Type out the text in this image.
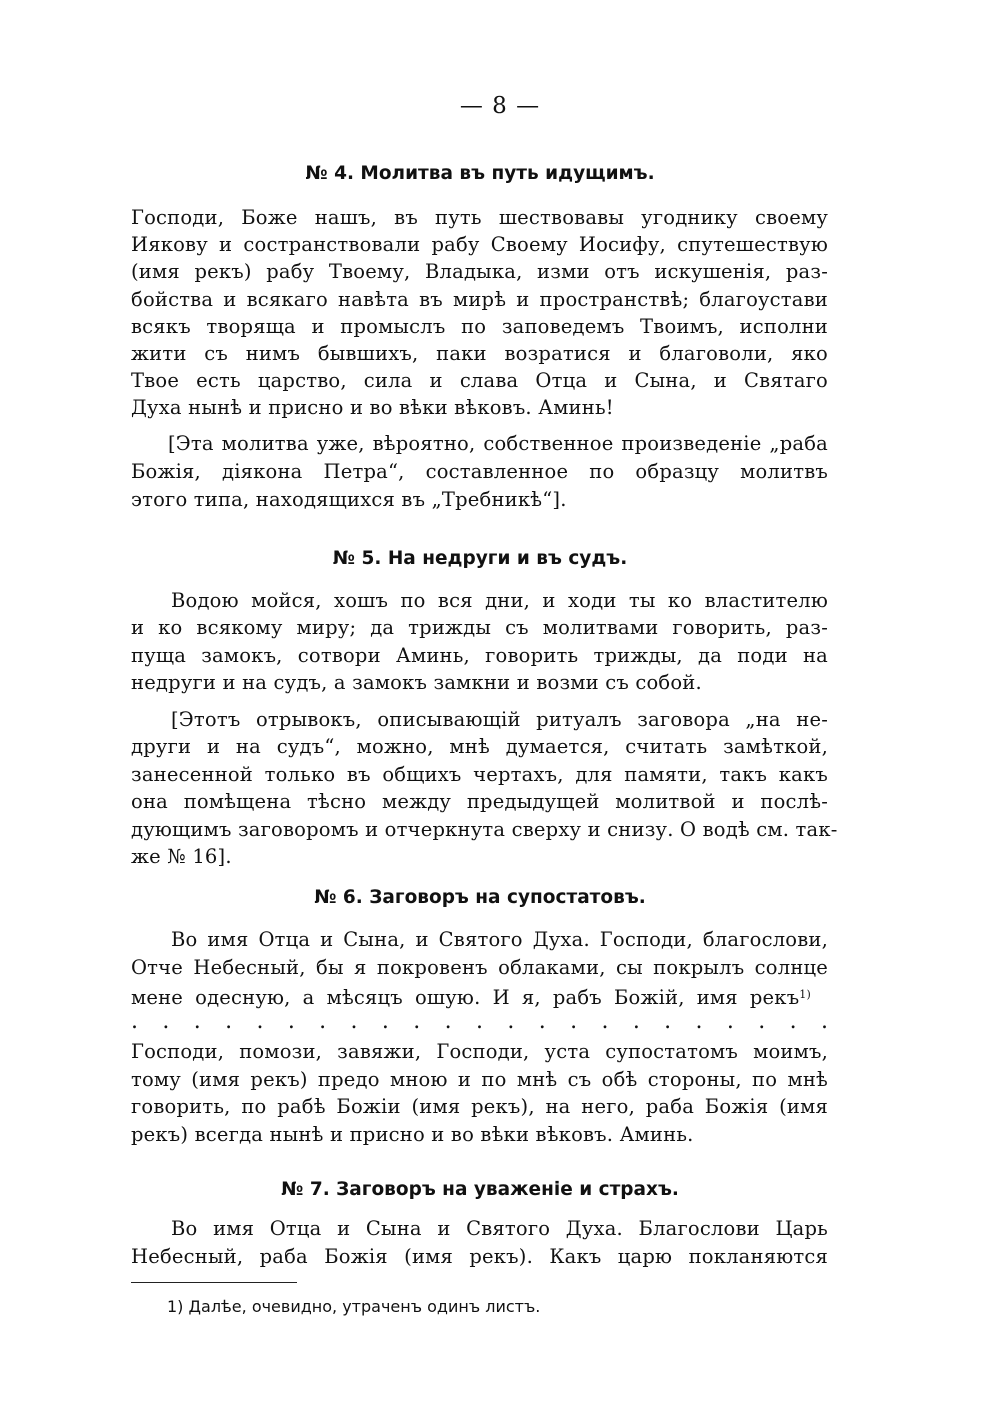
— 8 —
№ 4. Молитва въ путь идущимъ.

Господи, Боже нашъ, въ путь шествовавы угоднику своему
Иякову и состранствовали рабу Своему Иосифу, спутешествую
(имя рекъ) рабу Твоему, Владыка, изми отъ искушенія, раз-
бойства и всякаго навѣта въ мирѣ и пространствѣ; благоустави
всякъ творяща и промыслъ по заповедемъ Твоимъ, исполни
жити съ нимъ бывшихъ, паки возратися и благоволи, яко
Твое есть царство, сила и слава Отца и Сына, и Святаго
Духа нынѣ и присно и во вѣки вѣковъ. Аминь!

[Эта молитва уже, вѣроятно, собственное произведеніе „раба
Божія, діякона Петра“, составленное по образцу молитвъ
этого типа, находящихся въ „Требникѣ“].

№ 5. На недруги и въ судъ.

Водою мойся, хошъ по вся дни, и ходи ты ко властителю
и ко всякому миру; да трижды съ молитвами говорить, раз-
пуща замокъ, сотвори Аминь, говорить трижды, да поди на
недруги и на судъ, а замокъ замкни и возми съ собой.

[Этотъ отрывокъ, описывающій ритуалъ заговора „на не-
други и на судъ“, можно, мнѣ думается, считать замѣткой,
занесенной только въ общихъ чертахъ, для памяти, такъ какъ
она помѣщена тѣсно между предыдущей молитвой и послѣ-
дующимъ заговоромъ и отчеркнута сверху и снизу. О водѣ см. так-
же № 16].

№ 6. Заговоръ на супостатовъ.

Во имя Отца и Сына, и Святого Духа. Господи, благослови,
Отче Небесный, бы я покровенъ облаками, сы покрылъ солнце
мене одесную, а мѣсяцъ ошую. И я, рабъ Божій, имя рекъ$^{1)}$

. . . . . . . . . . . . . . . . . . . . . . .

Господи, помози, завяжи, Господи, уста супостатомъ моимъ,
тому (имя рекъ) предо мною и по мнѣ съ обѣ стороны, по мнѣ
говорить, по рабѣ Божіи (имя рекъ), на него, раба Божія (имя
рекъ) всегда нынѣ и присно и во вѣки вѣковъ. Аминь.

№ 7. Заговоръ на уваженіе и страхъ.

Во имя Отца и Сына и Святого Духа. Благослови Царь
Небесный, раба Божія (имя рекъ). Какъ царю покланяются

1) Далѣе, очевидно, утраченъ одинъ листъ.
